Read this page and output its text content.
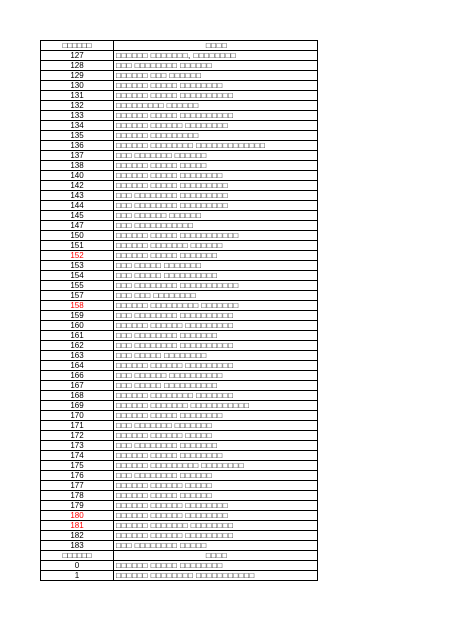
□□□□□□	□□□□
127	□□□□□□ □□□□□□□, □□□□□□□□
128	□□□ □□□□□□□□ □□□□□□
129	□□□□□□ □□□ □□□□□□
130	□□□□□□ □□□□□ □□□□□□□□
131	□□□□□□ □□□□□ □□□□□□□□□□
132	□□□□□□□□□ □□□□□□
133	□□□□□□ □□□□□ □□□□□□□□□□
134	□□□□□□ □□□□□□ □□□□□□□□
135	□□□□□□ □□□□□□□□□
136	□□□□□□ □□□□□□□□ □□□□□□□□□□□□□
137	□□□ □□□□□□□ □□□□□□
138	□□□□□□ □□□□□ □□□□□
140	□□□□□□ □□□□□ □□□□□□□□
142	□□□□□□ □□□□□ □□□□□□□□□
143	□□□ □□□□□□□□ □□□□□□□□□
144	□□□ □□□□□□□□ □□□□□□□□□
145	□□□ □□□□□□ □□□□□□
147	□□□ □□□□□□□□□□□
150	□□□□□□ □□□□□ □□□□□□□□□□□
151	□□□□□□ □□□□□□□ □□□□□□
152	□□□□□□ □□□□□ □□□□□□□
153	□□□ □□□□□ □□□□□□□
154	□□□ □□□□□ □□□□□□□□□□
155	□□□ □□□□□□□□ □□□□□□□□□□□
157	□□□ □□□ □□□□□□□□
158	□□□□□□ □□□□□□□□□ □□□□□□□
159	□□□ □□□□□□□□ □□□□□□□□□□
160	□□□□□□ □□□□□□ □□□□□□□□□
161	□□□ □□□□□□□□ □□□□□□□
162	□□□ □□□□□□□□ □□□□□□□□□□
163	□□□ □□□□□ □□□□□□□□
164	□□□□□□ □□□□□□ □□□□□□□□□
166	□□□ □□□□□□ □□□□□□□□□□
167	□□□ □□□□□ □□□□□□□□□□
168	□□□□□□ □□□□□□□□ □□□□□□□
169	□□□□□□ □□□□□□□ □□□□□□□□□□□
170	□□□□□□ □□□□□ □□□□□□□□
171	□□□ □□□□□□□ □□□□□□□
172	□□□□□□ □□□□□□ □□□□□
173	□□□ □□□□□□□□ □□□□□□□
174	□□□□□□ □□□□□ □□□□□□□□
175	□□□□□□ □□□□□□□□□ □□□□□□□□
176	□□□ □□□□□□□□ □□□□□□
177	□□□□□□ □□□□□□ □□□□□
178	□□□□□□ □□□□□ □□□□□□
179	□□□□□□ □□□□□□ □□□□□□□□
180	□□□□□□ □□□□□□ □□□□□□□□
181	□□□□□□ □□□□□□□ □□□□□□□□
182	□□□□□□ □□□□□□ □□□□□□□□□
183	□□□ □□□□□□□□ □□□□□
□□□□□□	□□□□
0	□□□□□□ □□□□□ □□□□□□□□
1	□□□□□□ □□□□□□□□ □□□□□□□□□□□
